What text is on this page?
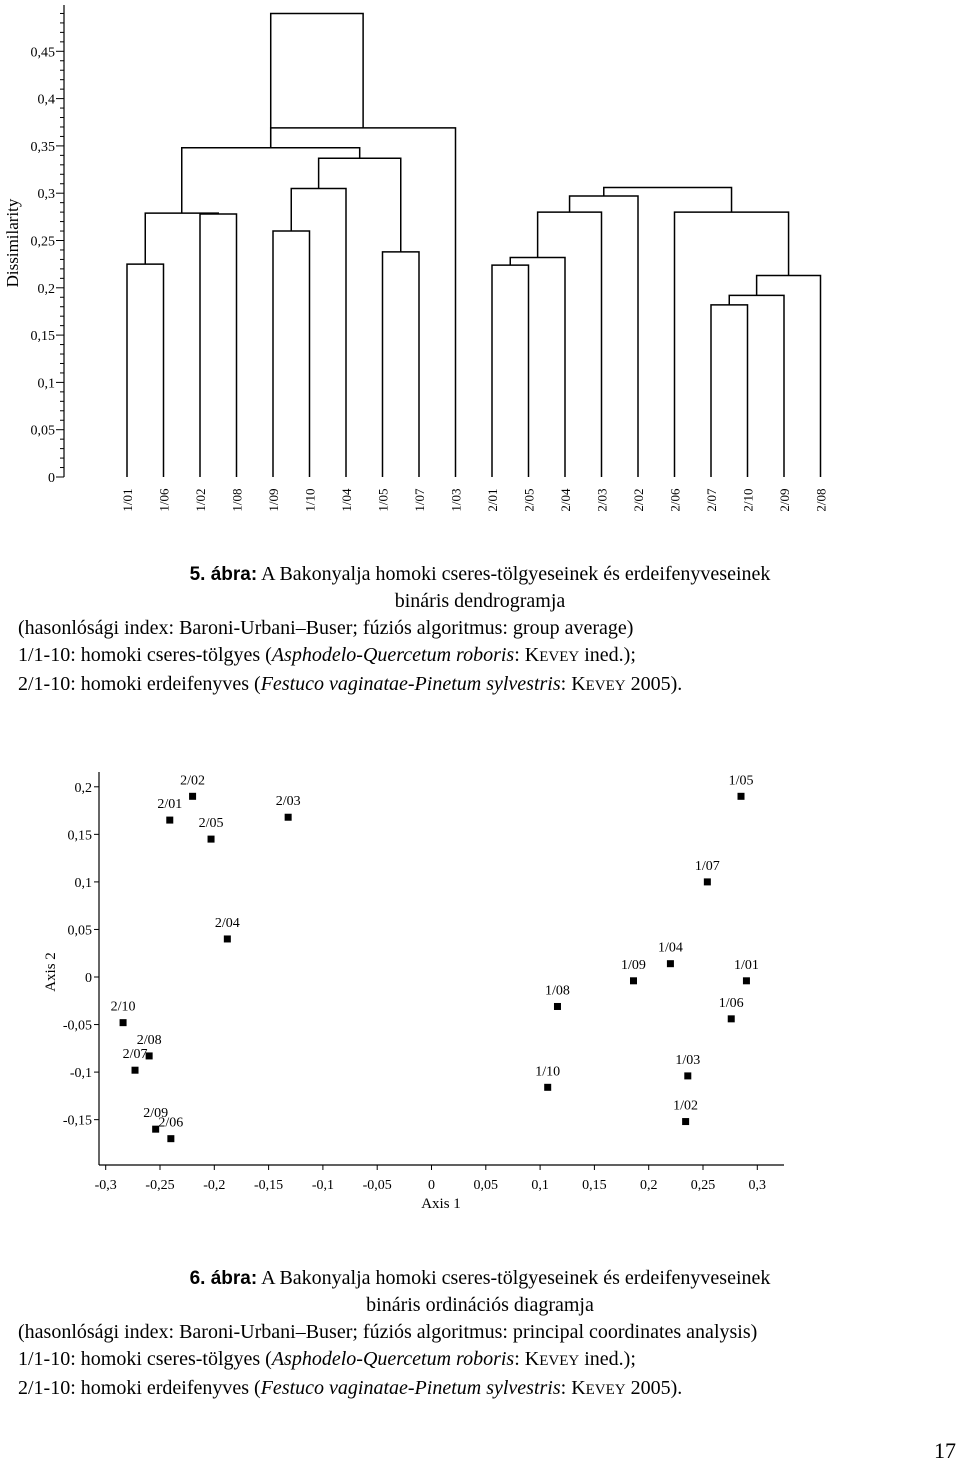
Dissimilarity
0
0,05
0,1
0,15
0,2
0,25
0,3
0,35
0,4
0,45
1/01 1/06 1/02 1/08 1/09 1/10 1/04 1/05 1/07 1/03 2/01 2/05 2/04 2/03 2/02 2/06 2/07 2/10 2/09 2/08
5. ábra: A Bakonyalja homoki cseres-tölgyeseinek és erdeifenyveseinek
bináris dendrogramja
(hasonlósági index: Baroni-Urbani–Buser; fúziós algoritmus: group average)
1/1-10: homoki cseres-tölgyes (Asphodelo-Quercetum roboris: KEVEY ined.);
2/1-10: homoki erdeifenyves (Festuco vaginatae-Pinetum sylvestris: KEVEY 2005).
Axis 2
Axis 1
-0,15
-0,1
-0,05
0
0,05
0,1
0,15
0,2
-0,3 -0,25 -0,2 -0,15 -0,1 -0,05	0	0,05 0,1 0,15 0,2 0,25 0,3
2/02
2/01
2/05
2/03
1/05
1/07
2/04
1/04
1/09	1/01
1/08
1/06
2/10
2/08
2/07	1/03
1/10
1/02
2/09
2/06
6. ábra: A Bakonyalja homoki cseres-tölgyeseinek és erdeifenyveseinek
bináris ordinációs diagramja
(hasonlósági index: Baroni-Urbani–Buser; fúziós algoritmus: principal coordinates analysis)
1/1-10: homoki cseres-tölgyes (Asphodelo-Quercetum roboris: KEVEY ined.);
2/1-10: homoki erdeifenyves (Festuco vaginatae-Pinetum sylvestris: KEVEY 2005).
17
